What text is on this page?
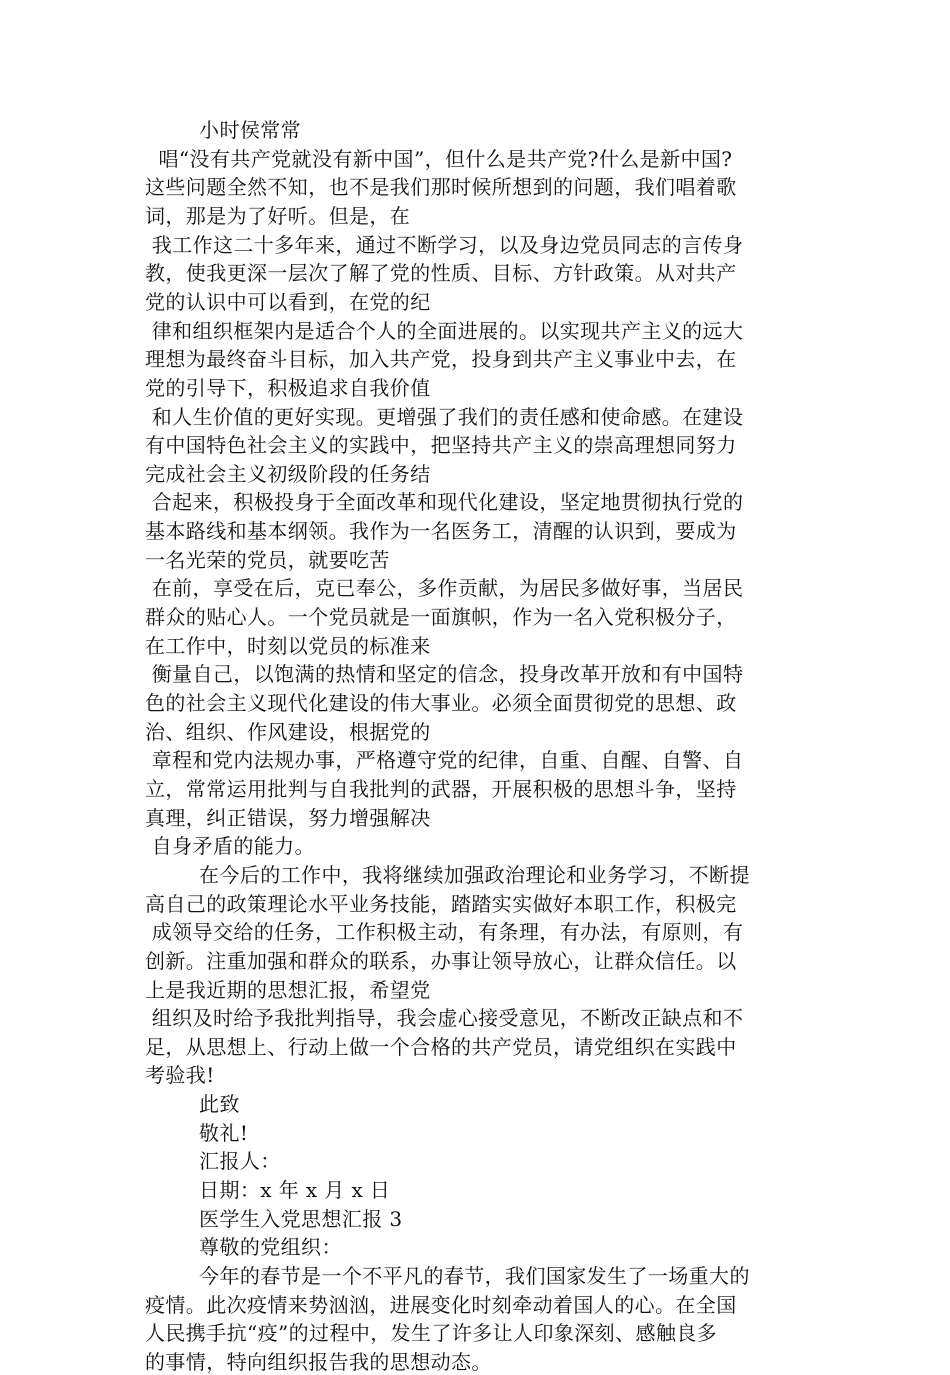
小时侯常常
唱“没有共产党就没有新中国”，但什么是共产党?什么是新中国?
这些问题全然不知，也不是我们那时候所想到的问题，我们唱着歌
词，那是为了好听。但是，在
我工作这二十多年来，通过不断学习，以及身边党员同志的言传身
教，使我更深一层次了解了党的性质、目标、方针政策。从对共产
党的认识中可以看到，在党的纪
律和组织框架内是适合个人的全面进展的。以实现共产主义的远大
理想为最终奋斗目标，加入共产党，投身到共产主义事业中去，在
党的引导下，积极追求自我价值
和人生价值的更好实现。更增强了我们的责任感和使命感。在建设
有中国特色社会主义的实践中，把坚持共产主义的崇高理想同努力
完成社会主义初级阶段的任务结
合起来，积极投身于全面改革和现代化建设，坚定地贯彻执行党的
基本路线和基本纲领。我作为一名医务工，清醒的认识到，要成为
一名光荣的党员，就要吃苦
在前，享受在后，克已奉公，多作贡献，为居民多做好事，当居民
群众的贴心人。一个党员就是一面旗帜，作为一名入党积极分子，
在工作中，时刻以党员的标准来
衡量自己，以饱满的热情和坚定的信念，投身改革开放和有中国特
色的社会主义现代化建设的伟大事业。必须全面贯彻党的思想、政
治、组织、作风建设，根据党的
章程和党内法规办事，严格遵守党的纪律，自重、自醒、自警、自
立，常常运用批判与自我批判的武器，开展积极的思想斗争，坚持
真理，纠正错误，努力增强解决
自身矛盾的能力。
在今后的工作中，我将继续加强政治理论和业务学习，不断提
高自己的政策理论水平业务技能，踏踏实实做好本职工作，积极完
成领导交给的任务，工作积极主动，有条理，有办法，有原则，有
创新。注重加强和群众的联系，办事让领导放心，让群众信任。以
上是我近期的思想汇报，希望党
组织及时给予我批判指导，我会虚心接受意见，不断改正缺点和不
足，从思想上、行动上做一个合格的共产党员，请党组织在实践中
考验我!
此致
敬礼!
汇报人：
日期：x 年 x 月 x 日
医学生入党思想汇报 3
尊敬的党组织：
今年的春节是一个不平凡的春节，我们国家发生了一场重大的
疫情。此次疫情来势汹汹，进展变化时刻牵动着国人的心。在全国
人民携手抗“疫”的过程中，发生了许多让人印象深刻、感触良多
的事情，特向组织报告我的思想动态。
